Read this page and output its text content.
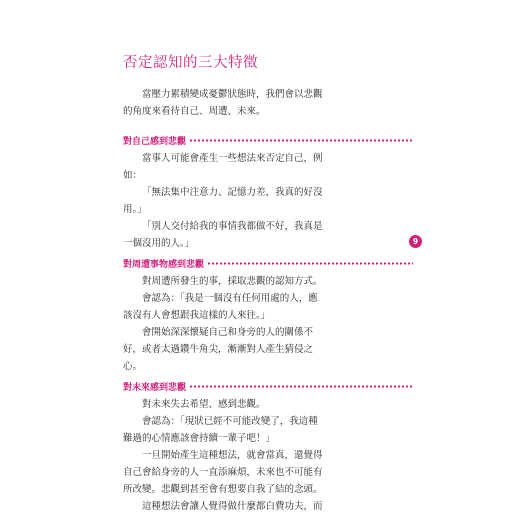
否定認知的三大特徵

當壓力累積變成憂鬱狀態時，我們會以悲觀

的角度來看待自己、周遭、未來。

對自己感到悲觀

當事人可能會產生一些想法來否定自己，例

如：

「無法集中注意力、記憶力差，我真的好沒

用。」

「別人交付給我的事情我都做不好，我真是

一個沒用的人。」

對周遭事物感到悲觀

對周遭所發生的事，採取悲觀的認知方式。

會認為：「我是一個沒有任何用處的人，應

該沒有人會想跟我這樣的人來往。」

會開始深深懷疑自己和身旁的人的關係不

好，或者太過鑽牛角尖，漸漸對人產生猜侵之

心。

對未來感到悲觀

對未來失去希望、感到悲觀。

會認為：「現狀已經不可能改變了，我這種

難過的心情應該會持續一輩子吧！」

一旦開始產生這種想法，就會當真，還覺得

自己會給身旁的人一直添麻煩，未來也不可能有

所改變。悲觀到甚至會有想要自我了結的念頭。

這種想法會讓人覺得做什麼都白費功夫，而

9
